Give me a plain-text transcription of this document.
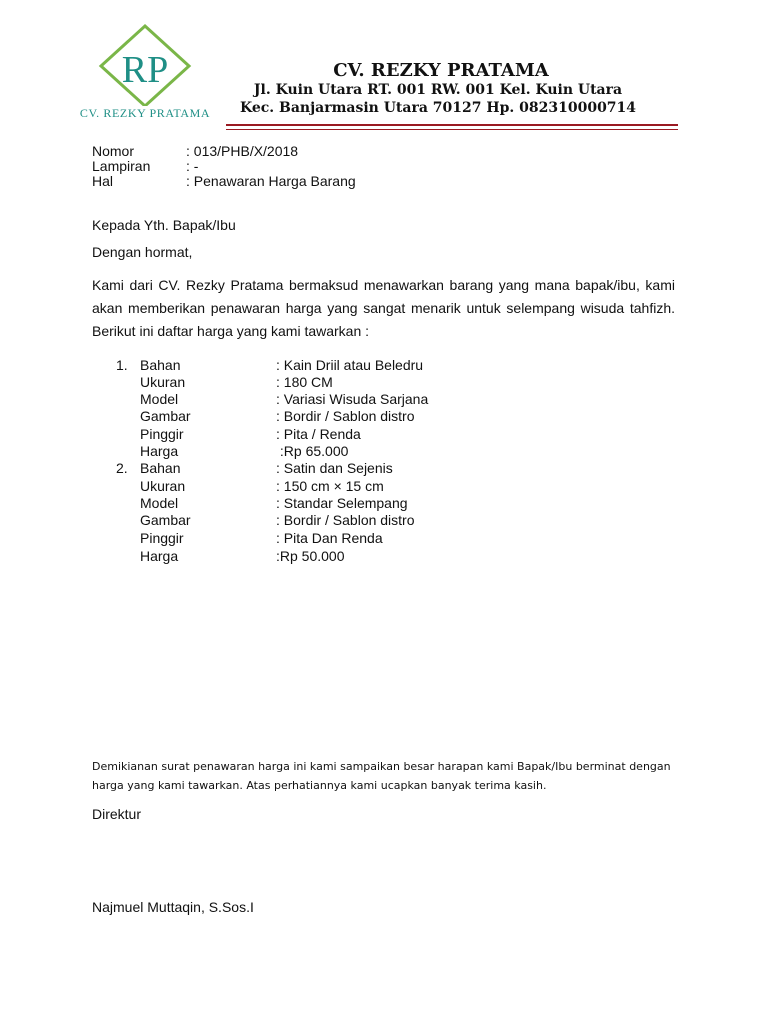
RP
CV. REZKY PRATAMA
CV. REZKY PRATAMA
Jl. Kuin Utara RT. 001 RW. 001 Kel. Kuin Utara
Kec. Banjarmasin Utara 70127 Hp. 082310000714
Nomor	: 013/PHB/X/2018
Lampiran	: -
Hal	: Penawaran Harga Barang
Kepada Yth. Bapak/Ibu
Dengan hormat,
Kami dari CV. Rezky Pratama bermaksud menawarkan barang yang mana bapak/ibu, kami akan memberikan penawaran harga yang sangat menarik untuk selempang wisuda tahfizh. Berikut ini daftar harga yang kami tawarkan :
1. Bahan	: Kain Driil atau Beledru
Ukuran	: 180 CM
Model	: Variasi Wisuda Sarjana
Gambar	: Bordir / Sablon distro
Pinggir	: Pita / Renda
Harga	:Rp 65.000
2. Bahan	: Satin dan Sejenis
Ukuran	: 150 cm × 15 cm
Model	: Standar Selempang
Gambar	: Bordir / Sablon distro
Pinggir	: Pita Dan Renda
Harga	:Rp 50.000
Demikianan surat penawaran harga ini kami sampaikan besar harapan kami Bapak/Ibu berminat dengan harga yang kami tawarkan. Atas perhatiannya kami ucapkan banyak terima kasih.
Direktur
Najmuel Muttaqin, S.Sos.I
